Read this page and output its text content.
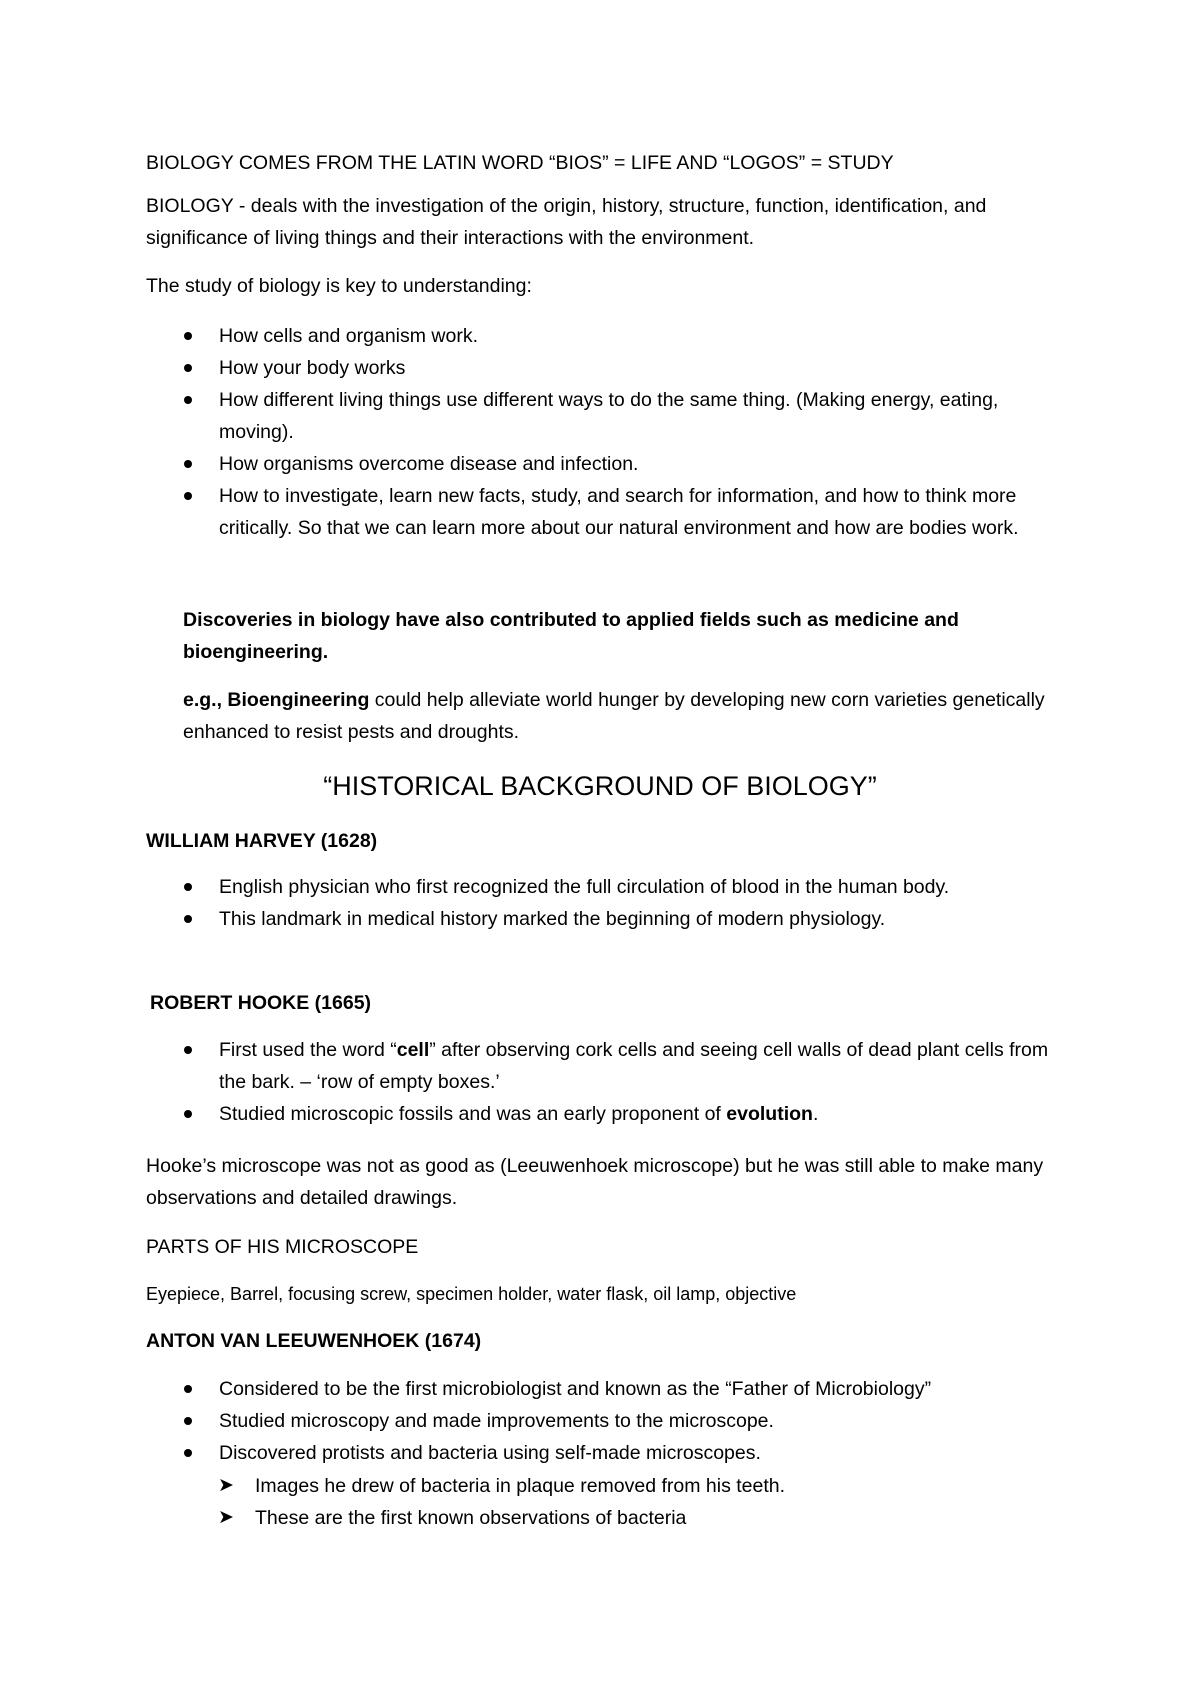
BIOLOGY COMES FROM THE LATIN WORD “BIOS” = LIFE AND “LOGOS” = STUDY
BIOLOGY - deals with the investigation of the origin, history, structure, function, identification, and significance of living things and their interactions with the environment.
The study of biology is key to understanding:
How cells and organism work.
How your body works
How different living things use different ways to do the same thing. (Making energy, eating, moving).
How organisms overcome disease and infection.
How to investigate, learn new facts, study, and search for information, and how to think more critically. So that we can learn more about our natural environment and how are bodies work.
Discoveries in biology have also contributed to applied fields such as medicine and bioengineering.
e.g., Bioengineering could help alleviate world hunger by developing new corn varieties genetically enhanced to resist pests and droughts.
“HISTORICAL BACKGROUND OF BIOLOGY”
WILLIAM HARVEY (1628)
English physician who first recognized the full circulation of blood in the human body.
This landmark in medical history marked the beginning of modern physiology.
ROBERT HOOKE (1665)
First used the word “cell” after observing cork cells and seeing cell walls of dead plant cells from the bark. – ‘row of empty boxes.’
Studied microscopic fossils and was an early proponent of evolution.
Hooke’s microscope was not as good as (Leeuwenhoek microscope) but he was still able to make many observations and detailed drawings.
PARTS OF HIS MICROSCOPE
Eyepiece, Barrel, focusing screw, specimen holder, water flask, oil lamp, objective
ANTON VAN LEEUWENHOEK (1674)
Considered to be the first microbiologist and known as the “Father of Microbiology”
Studied microscopy and made improvements to the microscope.
Discovered protists and bacteria using self-made microscopes.
➤ Images he drew of bacteria in plaque removed from his teeth.
➤ These are the first known observations of bacteria
